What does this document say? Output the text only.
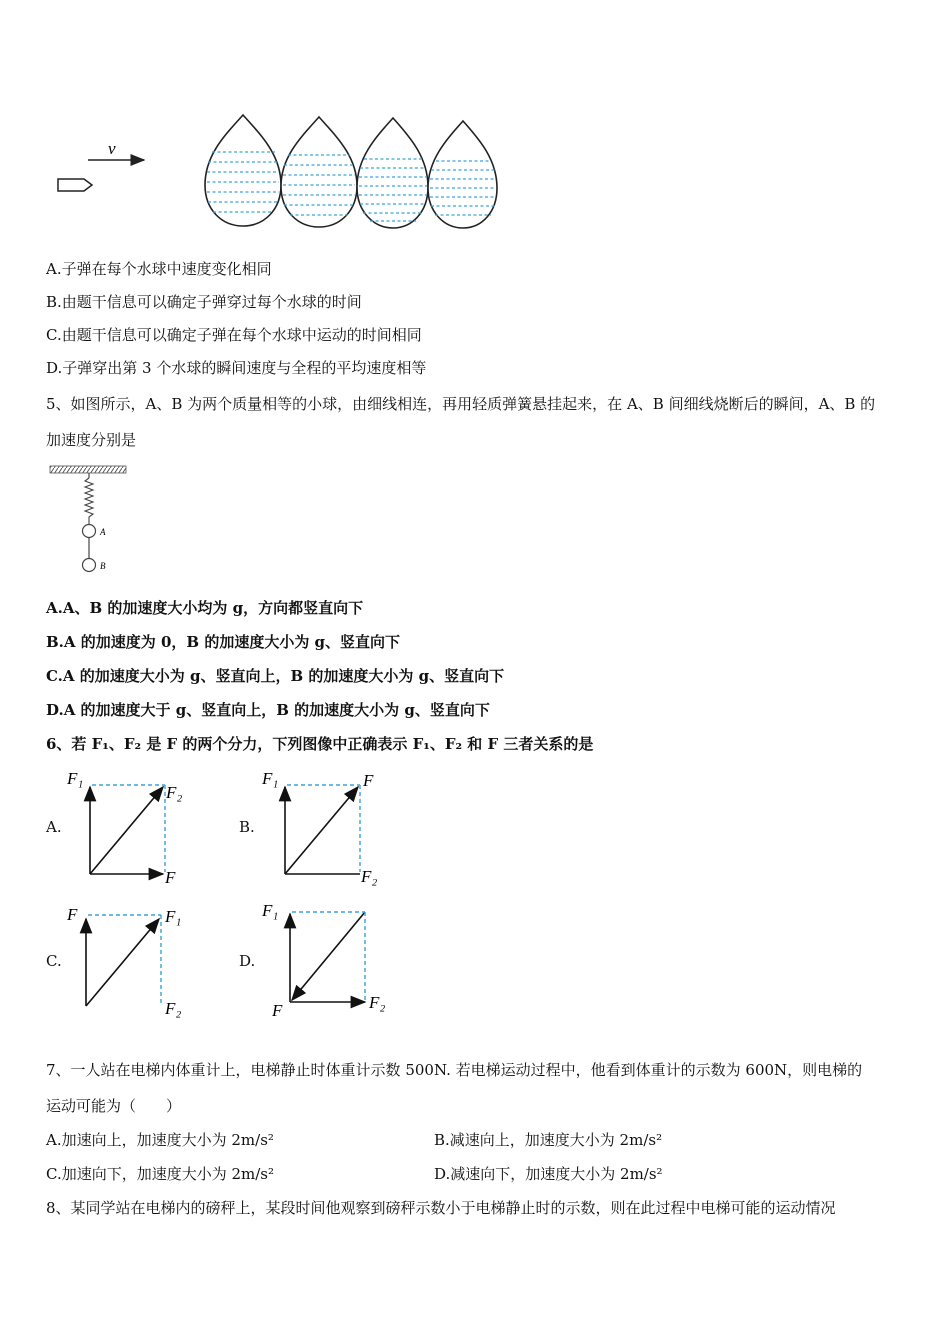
v
A.子弹在每个水球中速度变化相同
B.由题干信息可以确定子弹穿过每个水球的时间
C.由题干信息可以确定子弹在每个水球中运动的时间相同
D.子弹穿出第 3 个水球的瞬间速度与全程的平均速度相等
5、如图所示，A、B 为两个质量相等的小球，由细线相连，再用轻质弹簧悬挂起来，在 A、B 间细线烧断后的瞬间，A、B 的
加速度分别是
A
B
A.A、B 的加速度大小均为 g，方向都竖直向下
B.A 的加速度为 0，B 的加速度大小为 g、竖直向下
C.A 的加速度大小为 g、竖直向上，B 的加速度大小为 g、竖直向下
D.A 的加速度大于 g、竖直向上，B 的加速度大小为 g、竖直向下
6、若 F₁、F₂ 是 F 的两个分力，下列图像中正确表示 F₁、F₂ 和 F 三者关系的是
A.	B.
C.	D.
F₁
F₂
F
F₁	F
F₂
F	F₁
F₂
F₁
F	F₂
7、一人站在电梯内体重计上，电梯静止时体重计示数 500N. 若电梯运动过程中，他看到体重计的示数为 600N，则电梯的
运动可能为（　　）
A.加速向上，加速度大小为 2m/s²	B.减速向上，加速度大小为 2m/s²
C.加速向下，加速度大小为 2m/s²	D.减速向下，加速度大小为 2m/s²
8、某同学站在电梯内的磅秤上，某段时间他观察到磅秤示数小于电梯静止时的示数，则在此过程中电梯可能的运动情况
